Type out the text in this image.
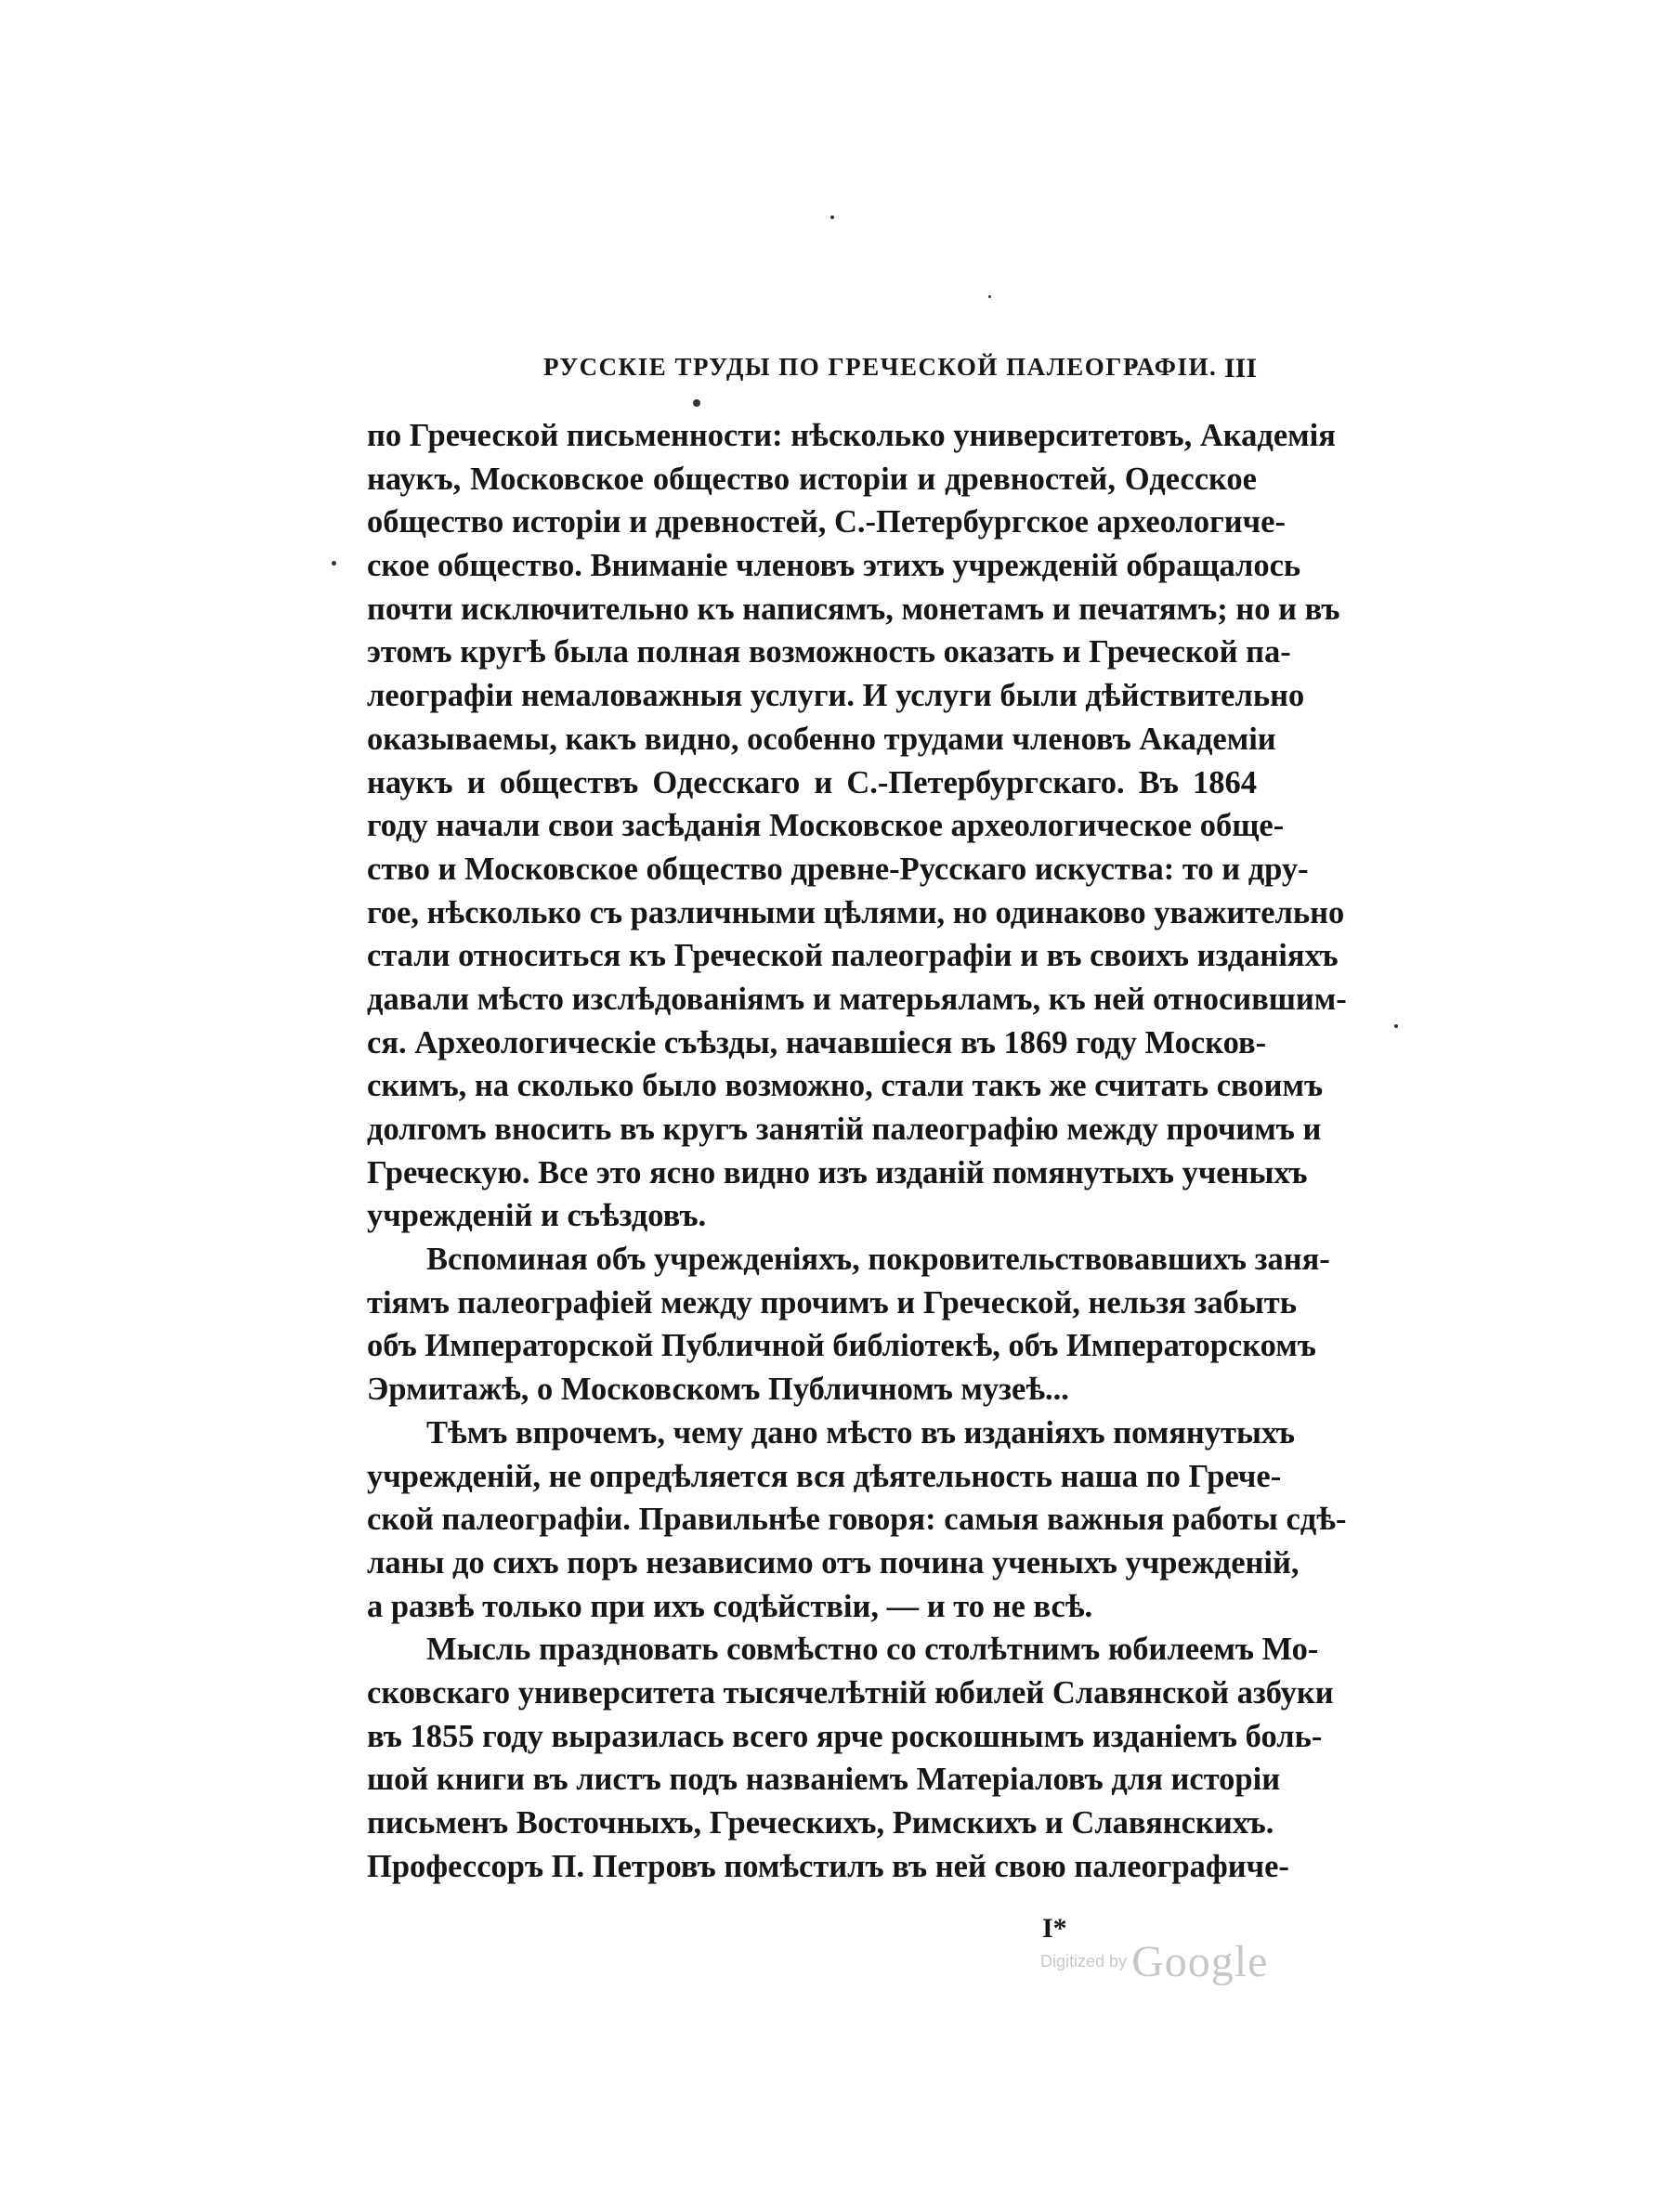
РУССКІЕ ТРУДЫ ПО ГРЕЧЕСКОЙ ПАЛЕОГРАФІИ. III
по Греческой письменности: нѣсколько университетовъ, Академія
наукъ, Московское общество исторіи и древностей, Одесское
общество исторіи и древностей, С.-Петербургское археологиче-
ское общество. Вниманіе членовъ этихъ учрежденій обращалось
почти исключительно къ написямъ, монетамъ и печатямъ; но и въ
этомъ кругѣ была полная возможность оказать и Греческой па-
леографіи немаловажныя услуги. И услуги были дѣйствительно
оказываемы, какъ видно, особенно трудами членовъ Академіи
наукъ и обществъ Одесскаго и С.-Петербургскаго. Въ 1864
году начали свои засѣданія Московское археологическое обще-
ство и Московское общество древне-Русскаго искуства: то и дру-
гое, нѣсколько съ различными цѣлями, но одинаково уважительно
стали относиться къ Греческой палеографіи и въ своихъ изданіяхъ
давали мѣсто изслѣдованіямъ и матерьяламъ, къ ней относившим-
ся. Археологическіе съѣзды, начавшіеся въ 1869 году Москов-
скимъ, на сколько было возможно, стали такъ же считать своимъ
долгомъ вносить въ кругъ занятій палеографію между прочимъ и
Греческую. Все это ясно видно изъ изданій помянутыхъ ученыхъ
учрежденій и съѣздовъ.
Вспоминая объ учрежденіяхъ, покровительствовавшихъ заня-
тіямъ палеографіей между прочимъ и Греческой, нельзя забыть
объ Императорской Публичной библіотекѣ, объ Императорскомъ
Эрмитажѣ, о Московскомъ Публичномъ музеѣ...
Тѣмъ впрочемъ, чему дано мѣсто въ изданіяхъ помянутыхъ
учрежденій, не опредѣляется вся дѣятельность наша по Грече-
ской палеографіи. Правильнѣе говоря: самыя важныя работы сдѣ-
ланы до сихъ поръ независимо отъ почина ученыхъ учрежденій,
а развѣ только при ихъ содѣйствіи, — и то не всѣ.
Мысль праздновать совмѣстно со столѣтнимъ юбилеемъ Мо-
сковскаго университета тысячелѣтній юбилей Славянской азбуки
въ 1855 году выразилась всего ярче роскошнымъ изданіемъ боль-
шой книги въ листъ подъ названіемъ Матеріаловъ для исторіи
письменъ Восточныхъ, Греческихъ, Римскихъ и Славянскихъ.
Профессоръ П. Петровъ помѣстилъ въ ней свою палеографиче-
I*
Digitized by Google
